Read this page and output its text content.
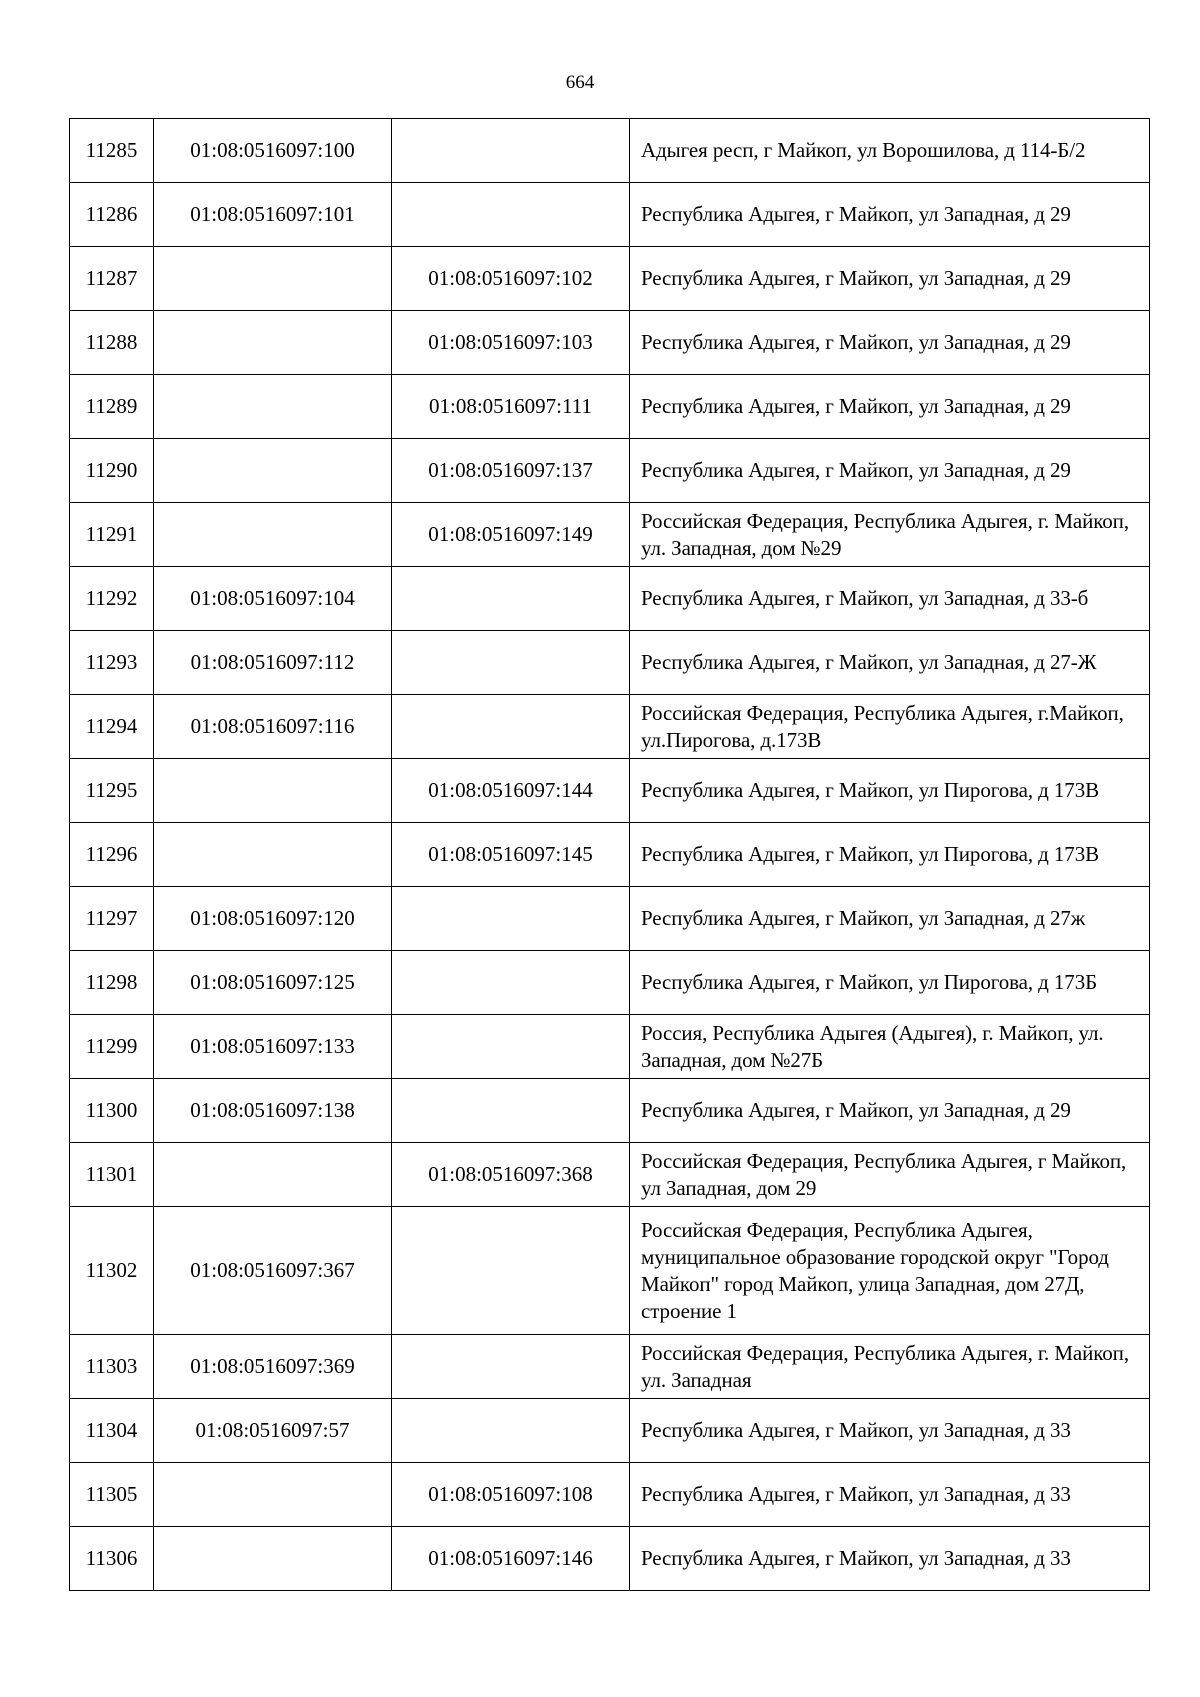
664
11285	01:08:0516097:100		Адыгея респ, г Майкоп, ул Ворошилова, д 114-Б/2
11286	01:08:0516097:101		Республика Адыгея, г Майкоп, ул Западная, д 29
11287		01:08:0516097:102	Республика Адыгея, г Майкоп, ул Западная, д 29
11288		01:08:0516097:103	Республика Адыгея, г Майкоп, ул Западная, д 29
11289		01:08:0516097:111	Республика Адыгея, г Майкоп, ул Западная, д 29
11290		01:08:0516097:137	Республика Адыгея, г Майкоп, ул Западная, д 29
11291		01:08:0516097:149	Российская Федерация, Республика Адыгея, г. Майкоп, ул. Западная, дом №29
11292	01:08:0516097:104		Республика Адыгея, г Майкоп, ул Западная, д 33-б
11293	01:08:0516097:112		Республика Адыгея, г Майкоп, ул Западная, д 27-Ж
11294	01:08:0516097:116		Российская Федерация, Республика Адыгея, г.Майкоп, ул.Пирогова, д.173В
11295		01:08:0516097:144	Республика Адыгея, г Майкоп, ул Пирогова, д 173В
11296		01:08:0516097:145	Республика Адыгея, г Майкоп, ул Пирогова, д 173В
11297	01:08:0516097:120		Республика Адыгея, г Майкоп, ул Западная, д 27ж
11298	01:08:0516097:125		Республика Адыгея, г Майкоп, ул Пирогова, д 173Б
11299	01:08:0516097:133		Россия, Республика Адыгея (Адыгея), г. Майкоп, ул. Западная, дом №27Б
11300	01:08:0516097:138		Республика Адыгея, г Майкоп, ул Западная, д 29
11301		01:08:0516097:368	Российская Федерация, Республика Адыгея, г Майкоп, ул Западная, дом 29
11302	01:08:0516097:367		Российская Федерация, Республика Адыгея, муниципальное образование городской округ "Город Майкоп" город Майкоп, улица Западная, дом 27Д, строение 1
11303	01:08:0516097:369		Российская Федерация, Республика Адыгея, г. Майкоп, ул. Западная
11304	01:08:0516097:57		Республика Адыгея, г Майкоп, ул Западная, д 33
11305		01:08:0516097:108	Республика Адыгея, г Майкоп, ул Западная, д 33
11306		01:08:0516097:146	Республика Адыгея, г Майкоп, ул Западная, д 33
